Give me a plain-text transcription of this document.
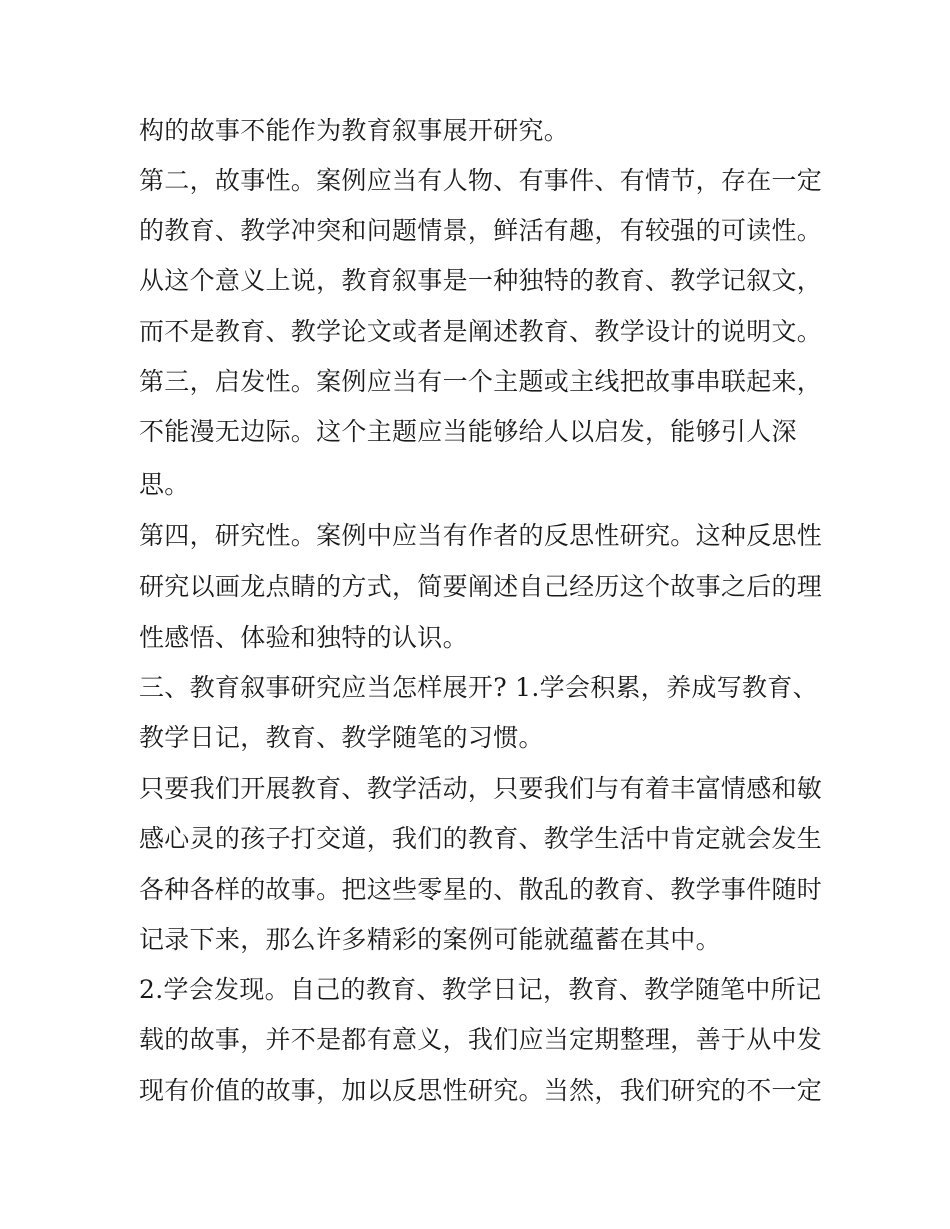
构的故事不能作为教育叙事展开研究。
第二，故事性。案例应当有人物、有事件、有情节，存在一定
的教育、教学冲突和问题情景，鲜活有趣，有较强的可读性。
从这个意义上说，教育叙事是一种独特的教育、教学记叙文，
而不是教育、教学论文或者是阐述教育、教学设计的说明文。
第三，启发性。案例应当有一个主题或主线把故事串联起来，
不能漫无边际。这个主题应当能够给人以启发，能够引人深
思。
第四，研究性。案例中应当有作者的反思性研究。这种反思性
研究以画龙点睛的方式，简要阐述自己经历这个故事之后的理
性感悟、体验和独特的认识。
三、教育叙事研究应当怎样展开? 1.学会积累，养成写教育、
教学日记，教育、教学随笔的习惯。
只要我们开展教育、教学活动，只要我们与有着丰富情感和敏
感心灵的孩子打交道，我们的教育、教学生活中肯定就会发生
各种各样的故事。把这些零星的、散乱的教育、教学事件随时
记录下来，那么许多精彩的案例可能就蕴蓄在其中。
2.学会发现。自己的教育、教学日记，教育、教学随笔中所记
载的故事，并不是都有意义，我们应当定期整理，善于从中发
现有价值的故事，加以反思性研究。当然，我们研究的不一定
